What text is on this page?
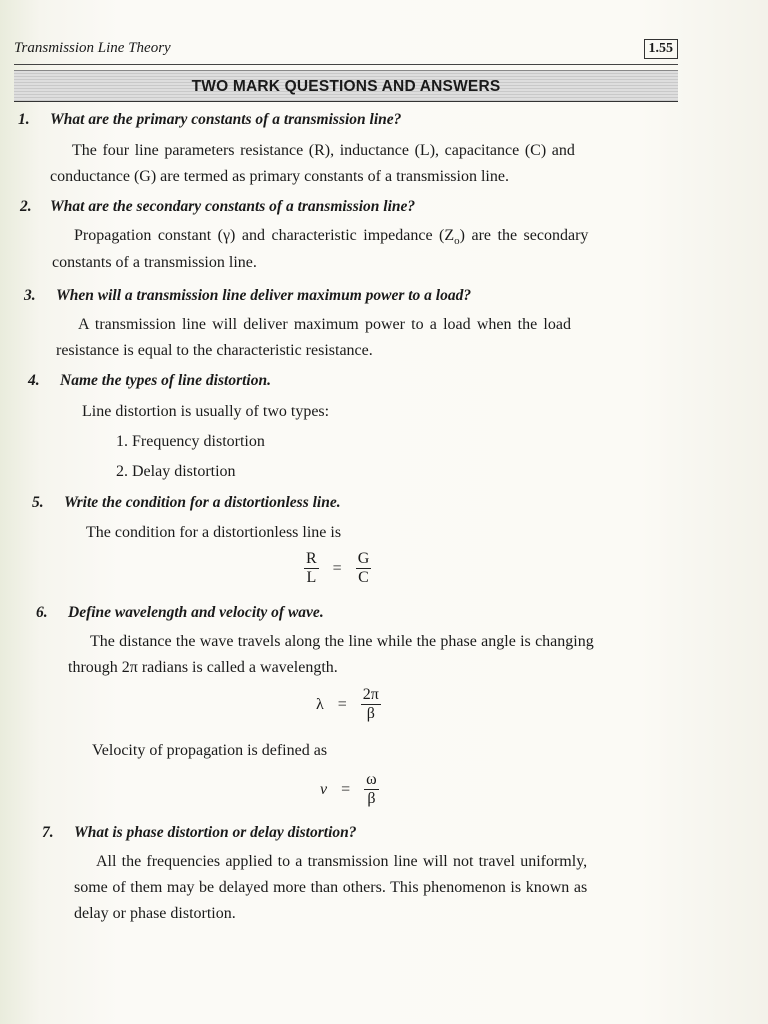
Transmission Line Theory	1.55
TWO MARK QUESTIONS AND ANSWERS
1. What are the primary constants of a transmission line?
The four line parameters resistance (R), inductance (L), capacitance (C) and
conductance (G) are termed as primary constants of a transmission line.
2. What are the secondary constants of a transmission line?
Propagation constant (γ) and characteristic impedance $(Z_o)$ are the secondary
constants of a transmission line.
3. When will a transmission line deliver maximum power to a load?
A transmission line will deliver maximum power to a load when the load
resistance is equal to the characteristic resistance.
4. Name the types of line distortion.
Line distortion is usually of two types:
1. Frequency distortion
2. Delay distortion
5. Write the condition for a distortionless line.
The condition for a distortionless line is
$\frac{R}{L} = \frac{G}{C}$
6. Define wavelength and velocity of wave.
The distance the wave travels along the line while the phase angle is changing
through 2π radians is called a wavelength.
$\lambda = \frac{2\pi}{\beta}$
Velocity of propagation is defined as
$v = \frac{\omega}{\beta}$
7. What is phase distortion or delay distortion?
All the frequencies applied to a transmission line will not travel uniformly,
some of them may be delayed more than others. This phenomenon is known as
delay or phase distortion.
